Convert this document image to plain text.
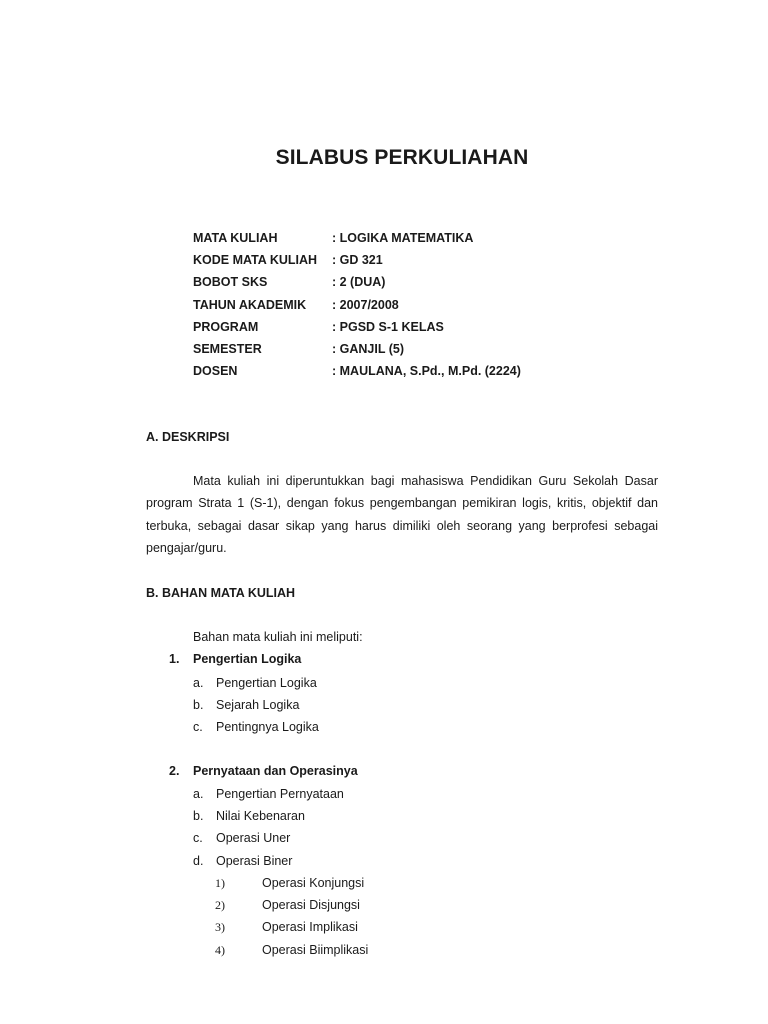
SILABUS PERKULIAHAN
MATA KULIAH	: LOGIKA MATEMATIKA
KODE MATA KULIAH : GD 321
BOBOT SKS	: 2 (DUA)
TAHUN AKADEMIK : 2007/2008
PROGRAM	: PGSD S-1 KELAS
SEMESTER	: GANJIL (5)
DOSEN	: MAULANA, S.Pd., M.Pd. (2224)
A. DESKRIPSI

Mata kuliah ini diperuntukkan bagi mahasiswa Pendidikan Guru Sekolah Dasar program Strata 1 (S-1), dengan fokus pengembangan pemikiran logis, kritis, objektif dan terbuka, sebagai dasar sikap yang harus dimiliki oleh seorang yang berprofesi sebagai pengajar/guru.

B. BAHAN MATA KULIAH
Bahan mata kuliah ini meliputi:
1. Pengertian Logika
a. Pengertian Logika
b. Sejarah Logika
c. Pentingnya Logika
2. Pernyataan dan Operasinya
a. Pengertian Pernyataan
b. Nilai Kebenaran
c. Operasi Uner
d. Operasi Biner
1)	Operasi Konjungsi
2)	Operasi Disjungsi
3)	Operasi Implikasi
4)	Operasi Biimplikasi
